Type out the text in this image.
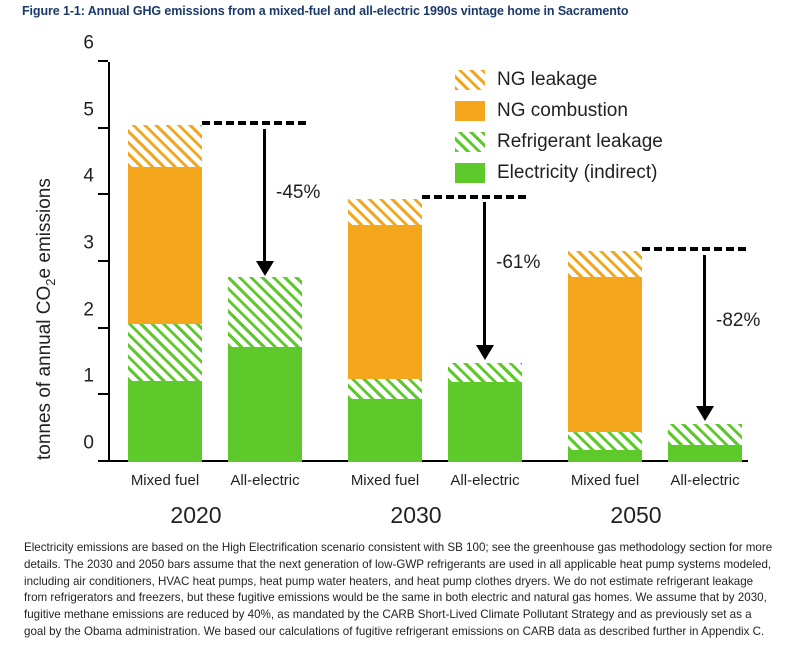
Figure 1-1: Annual GHG emissions from a mixed-fuel and all-electric 1990s vintage home in Sacramento
tonnes of annual $CO_2e$ emissions
0
1
2
3
4
5
6
-45%
-61%
-82%
Mixed fuel	All-electric	Mixed fuel	All-electric	Mixed fuel	All-electric
2020	2030	2050
NG leakage
NG combustion
Refrigerant leakage
Electricity (indirect)
Electricity emissions are based on the High Electrification scenario consistent with SB 100; see the greenhouse gas methodology section for more details. The 2030 and 2050 bars assume that the next generation of low-GWP refrigerants are used in all applicable heat pump systems modeled, including air conditioners, HVAC heat pumps, heat pump water heaters, and heat pump clothes dryers. We do not estimate refrigerant leakage from refrigerators and freezers, but these fugitive emissions would be the same in both electric and natural gas homes. We assume that by 2030, fugitive methane emissions are reduced by 40%, as mandated by the CARB Short-Lived Climate Pollutant Strategy and as previously set as a goal by the Obama administration. We based our calculations of fugitive refrigerant emissions on CARB data as described further in Appendix C.
